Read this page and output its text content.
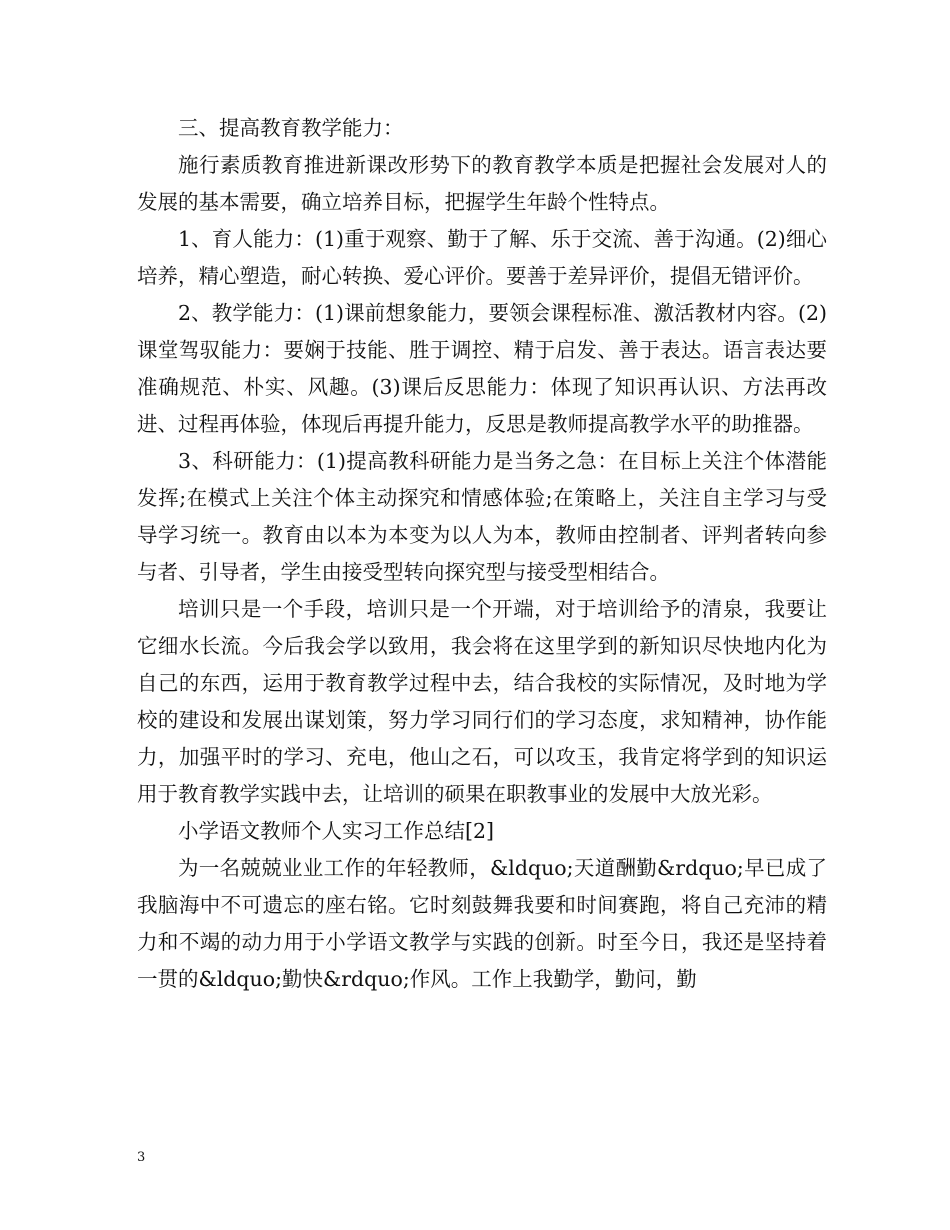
三、提高教育教学能力：

施行素质教育推进新课改形势下的教育教学本质是把握社会发展对人的发展的基本需要，确立培养目标，把握学生年龄个性特点。

1、育人能力：(1)重于观察、勤于了解、乐于交流、善于沟通。(2)细心培养，精心塑造，耐心转换、爱心评价。要善于差异评价，提倡无错评价。

2、教学能力：(1)课前想象能力，要领会课程标准、激活教材内容。(2)课堂驾驭能力：要娴于技能、胜于调控、精于启发、善于表达。语言表达要准确规范、朴实、风趣。(3)课后反思能力：体现了知识再认识、方法再改进、过程再体验，体现后再提升能力，反思是教师提高教学水平的助推器。

3、科研能力：(1)提高教科研能力是当务之急：在目标上关注个体潜能发挥;在模式上关注个体主动探究和情感体验;在策略上，关注自主学习与受导学习统一。教育由以本为本变为以人为本，教师由控制者、评判者转向参与者、引导者，学生由接受型转向探究型与接受型相结合。

培训只是一个手段，培训只是一个开端，对于培训给予的清泉，我要让它细水长流。今后我会学以致用，我会将在这里学到的新知识尽快地内化为自己的东西，运用于教育教学过程中去，结合我校的实际情况，及时地为学校的建设和发展出谋划策，努力学习同行们的学习态度，求知精神，协作能力，加强平时的学习、充电，他山之石，可以攻玉，我肯定将学到的知识运用于教育教学实践中去，让培训的硕果在职教事业的发展中大放光彩。

小学语文教师个人实习工作总结[2]

为一名兢兢业业工作的年轻教师，&ldquo;天道酬勤&rdquo;早已成了我脑海中不可遗忘的座右铭。它时刻鼓舞我要和时间赛跑，将自己充沛的精力和不竭的动力用于小学语文教学与实践的创新。时至今日，我还是坚持着一贯的&ldquo;勤快&rdquo;作风。工作上我勤学，勤问，勤

3
